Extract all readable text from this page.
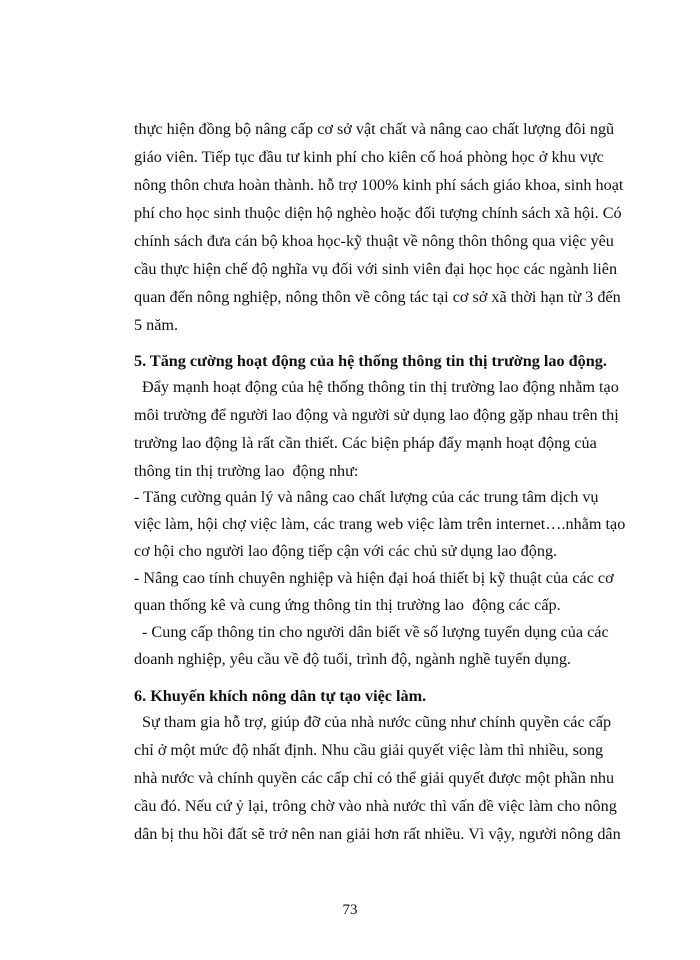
thực hiện đồng bộ nâng cấp cơ sở vật chất và nâng cao chất lượng đôi ngũ
giáo viên. Tiếp tục đầu tư kinh phí cho kiên cố hoá phòng học ở khu vực
nông thôn chưa hoàn thành. hỗ trợ 100% kinh phí sách giáo khoa, sinh hoạt
phí cho học sinh thuộc diện hộ nghèo hoặc đối tượng chính sách xã hội. Có
chính sách đưa cán bộ khoa học-kỹ thuật về nông thôn thông qua việc yêu
cầu thực hiện chế độ nghĩa vụ đối với sinh viên đại học học các ngành liên
quan đến nông nghiệp, nông thôn về công tác tại cơ sở xã thời hạn từ 3 đến
5 năm.
5. Tăng cường hoạt động của hệ thống thông tin thị trường lao động.
Đẩy mạnh hoạt động của hệ thống thông tin thị trường lao động nhằm tạo
môi trường để người lao động và người sử dụng lao động gặp nhau trên thị
trường lao động là rất cần thiết. Các biện pháp đẩy mạnh hoạt động của
thông tin thị trường lao  động như:
- Tăng cường quản lý và nâng cao chất lượng của các trung tâm dịch vụ
việc làm, hội chợ việc làm, các trang web việc làm trên internet….nhằm tạo
cơ hội cho người lao động tiếp cận với các chủ sử dụng lao động.
- Nâng cao tính chuyên nghiệp và hiện đại hoá thiết bị kỹ thuật của các cơ
quan thống kê và cung ứng thông tin thị trường lao  động các cấp.
- Cung cấp thông tin cho người dân biết về số lượng tuyển dụng của các
doanh nghiệp, yêu cầu về độ tuổi, trình độ, ngành nghề tuyển dụng.
6. Khuyến khích nông dân tự tạo việc làm.
Sự tham gia hỗ trợ, giúp đỡ của nhà nước cũng như chính quyền các cấp
chỉ ở một mức độ nhất định. Nhu cầu giải quyết việc làm thì nhiều, song
nhà nước và chính quyền các cấp chỉ có thể giải quyết được một phần nhu
cầu đó. Nếu cứ ỷ lại, trông chờ vào nhà nước thì vấn đề việc làm cho nông
dân bị thu hồi đất sẽ trở nên nan giải hơn rất nhiều. Vì vậy, người nông dân
73
